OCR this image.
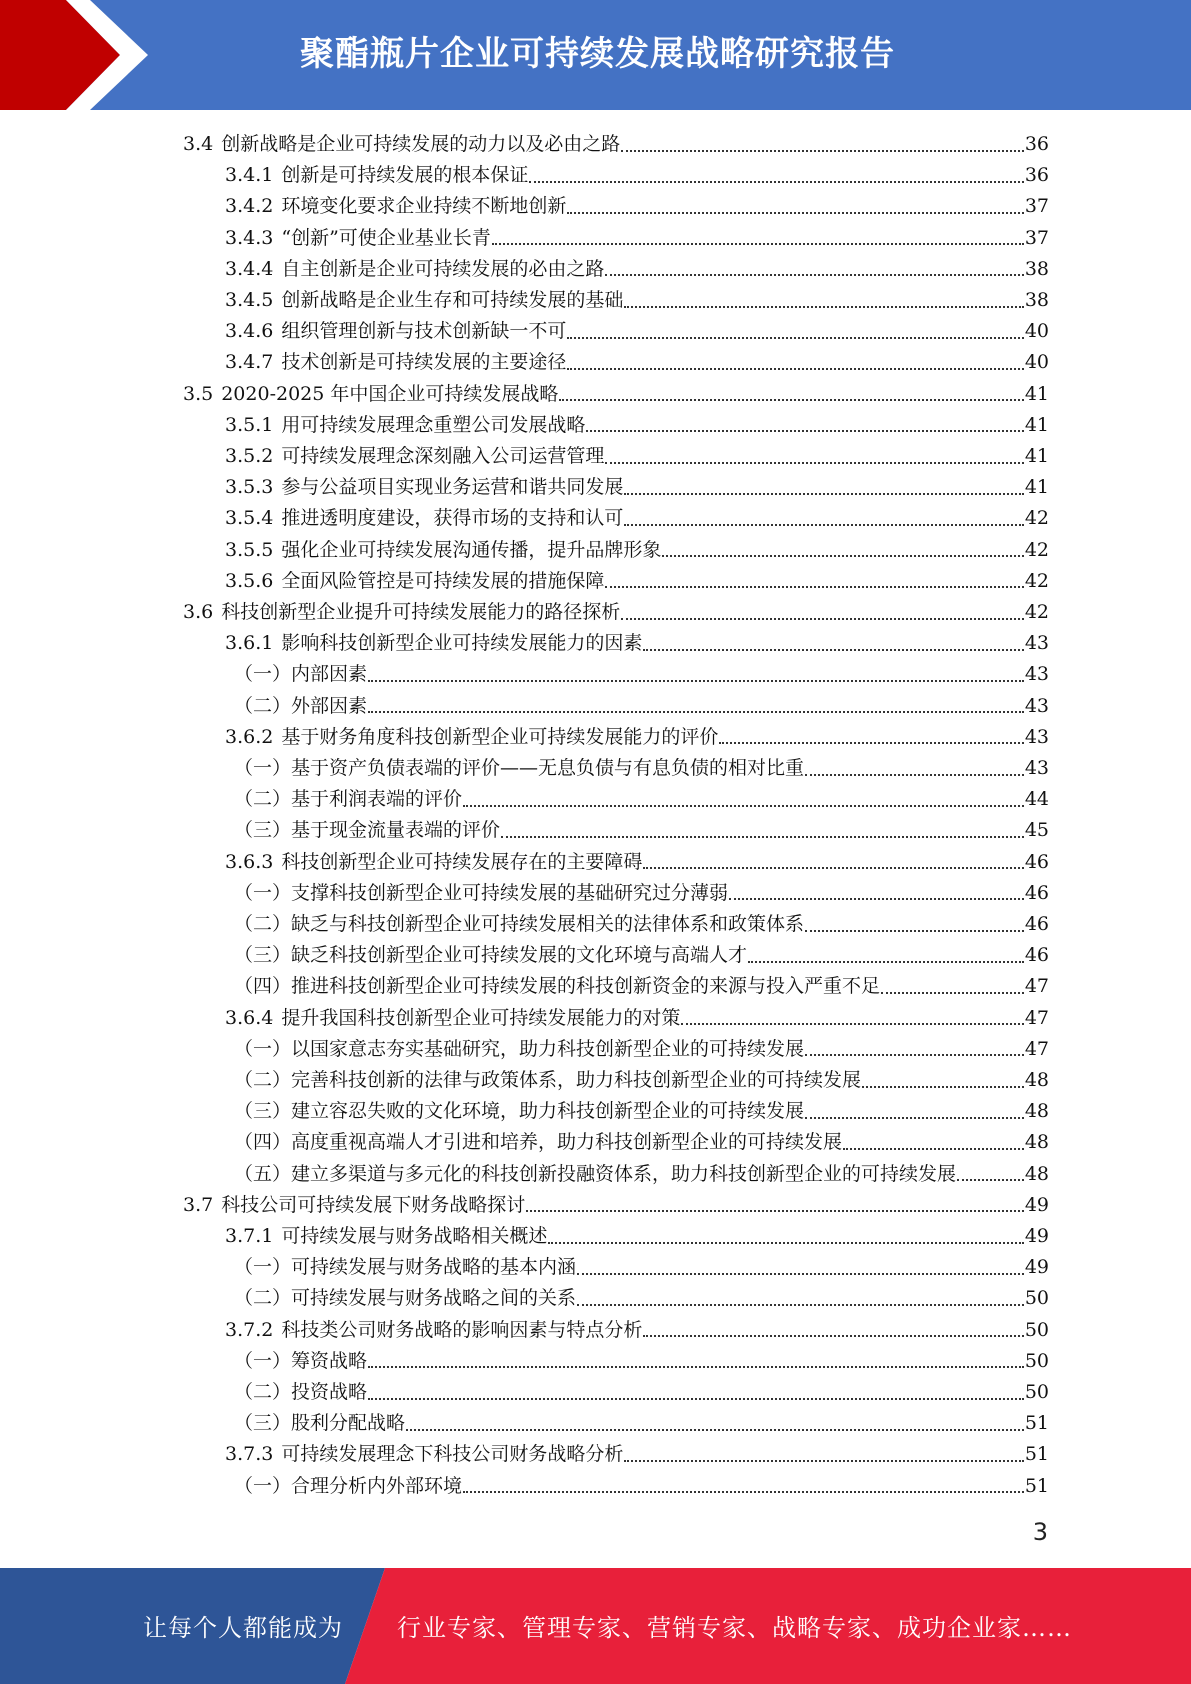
聚酯瓶片企业可持续发展战略研究报告
3.4 创新战略是企业可持续发展的动力以及必由之路	36
3.4.1 创新是可持续发展的根本保证	36
3.4.2 环境变化要求企业持续不断地创新	37
3.4.3 “创新”可使企业基业长青	37
3.4.4 自主创新是企业可持续发展的必由之路	38
3.4.5 创新战略是企业生存和可持续发展的基础	38
3.4.6 组织管理创新与技术创新缺一不可	40
3.4.7 技术创新是可持续发展的主要途径	40
3.5 2020-2025 年中国企业可持续发展战略	41
3.5.1 用可持续发展理念重塑公司发展战略	41
3.5.2 可持续发展理念深刻融入公司运营管理	41
3.5.3 参与公益项目实现业务运营和谐共同发展	41
3.5.4 推进透明度建设，获得市场的支持和认可	42
3.5.5 强化企业可持续发展沟通传播，提升品牌形象	42
3.5.6 全面风险管控是可持续发展的措施保障	42
3.6 科技创新型企业提升可持续发展能力的路径探析	42
3.6.1 影响科技创新型企业可持续发展能力的因素	43
（一） 内部因素	43
（二） 外部因素	43
3.6.2 基于财务角度科技创新型企业可持续发展能力的评价	43
（一） 基于资产负债表端的评价——无息负债与有息负债的相对比重	43
（二） 基于利润表端的评价	44
（三） 基于现金流量表端的评价	45
3.6.3 科技创新型企业可持续发展存在的主要障碍	46
（一） 支撑科技创新型企业可持续发展的基础研究过分薄弱	46
（二） 缺乏与科技创新型企业可持续发展相关的法律体系和政策体系	46
（三） 缺乏科技创新型企业可持续发展的文化环境与高端人才	46
（四） 推进科技创新型企业可持续发展的科技创新资金的来源与投入严重不足	47
3.6.4 提升我国科技创新型企业可持续发展能力的对策	47
（一） 以国家意志夯实基础研究，助力科技创新型企业的可持续发展	47
（二） 完善科技创新的法律与政策体系，助力科技创新型企业的可持续发展	48
（三） 建立容忍失败的文化环境，助力科技创新型企业的可持续发展	48
（四） 高度重视高端人才引进和培养，助力科技创新型企业的可持续发展	48
（五） 建立多渠道与多元化的科技创新投融资体系，助力科技创新型企业的可持续发展	48
3.7 科技公司可持续发展下财务战略探讨	49
3.7.1 可持续发展与财务战略相关概述	49
（一） 可持续发展与财务战略的基本内涵	49
（二） 可持续发展与财务战略之间的关系	50
3.7.2 科技类公司财务战略的影响因素与特点分析	50
（一） 筹资战略	50
（二） 投资战略	50
（三） 股利分配战略	51
3.7.3 可持续发展理念下科技公司财务战略分析	51
（一） 合理分析内外部环境	51
3
让每个人都能成为 行业专家、管理专家、营销专家、战略专家、成功企业家……
